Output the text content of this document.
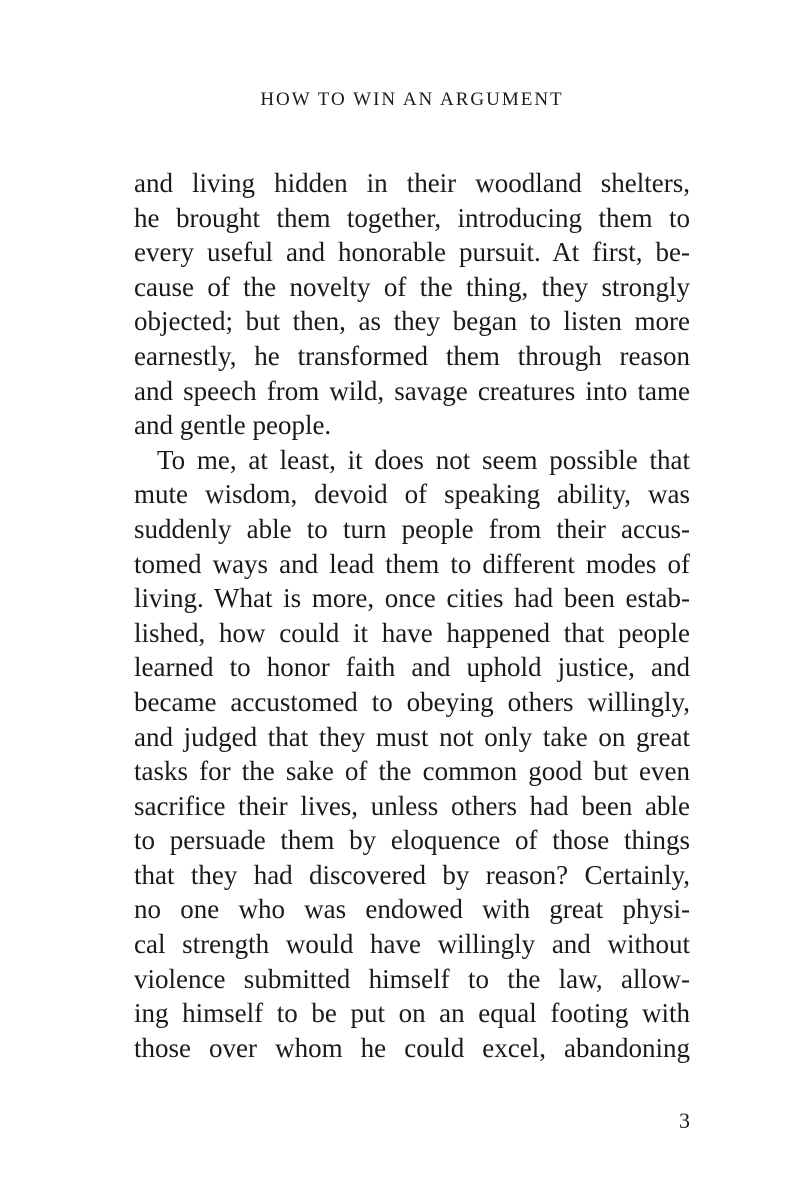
HOW TO WIN AN ARGUMENT
and living hidden in their woodland shelters,
he brought them together, introducing them to
every useful and honorable pursuit. At first, be-
cause of the novelty of the thing, they strongly
objected; but then, as they began to listen more
earnestly, he transformed them through reason
and speech from wild, savage creatures into tame
and gentle people.
To me, at least, it does not seem possible that
mute wisdom, devoid of speaking ability, was
suddenly able to turn people from their accus-
tomed ways and lead them to different modes of
living. What is more, once cities had been estab-
lished, how could it have happened that people
learned to honor faith and uphold justice, and
became accustomed to obeying others willingly,
and judged that they must not only take on great
tasks for the sake of the common good but even
sacrifice their lives, unless others had been able
to persuade them by eloquence of those things
that they had discovered by reason? Certainly,
no one who was endowed with great physi-
cal strength would have willingly and without
violence submitted himself to the law, allow-
ing himself to be put on an equal footing with
those over whom he could excel, abandoning
3
